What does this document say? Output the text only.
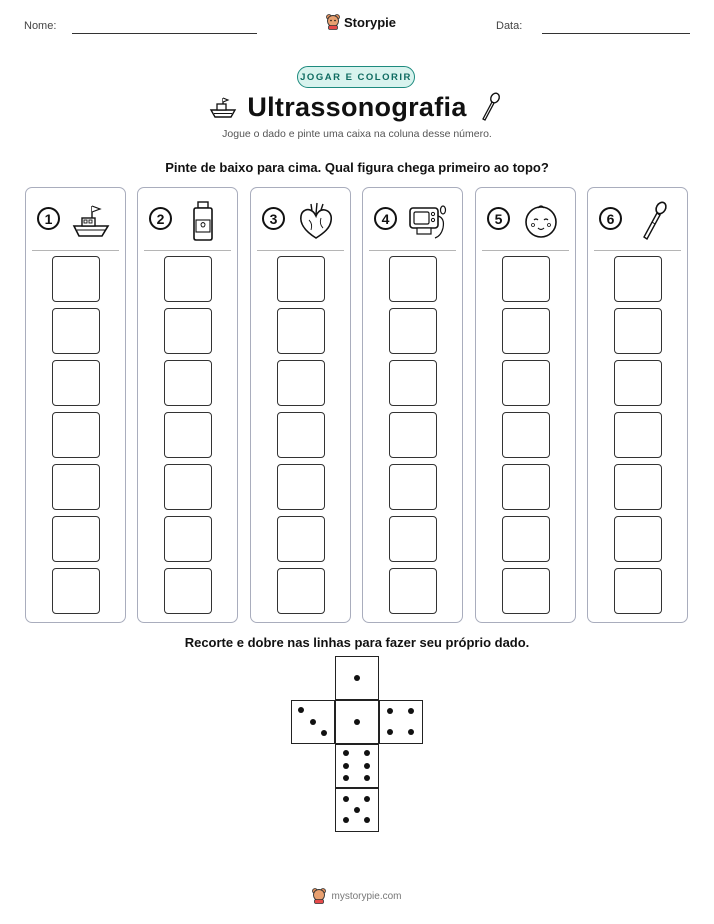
Nome:	Storypie	Data:
JOGAR E COLORIR
Ultrassonografia
Jogue o dado e pinte uma caixa na coluna desse número.
Pinte de baixo para cima. Qual figura chega primeiro ao topo?
1	2	3	4	5	6
Recorte e dobre nas linhas para fazer seu próprio dado.
mystorypie.com
